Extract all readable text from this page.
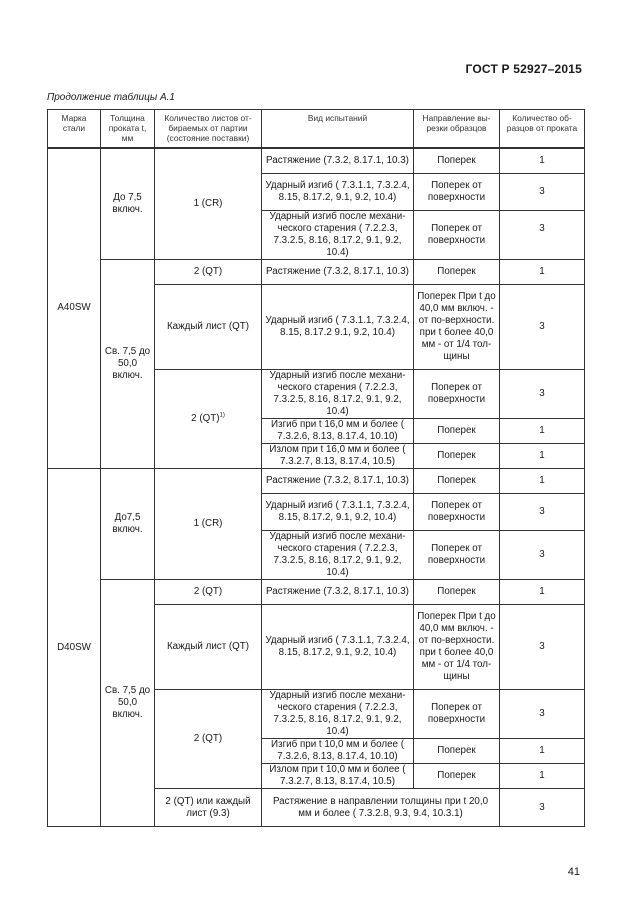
ГОСТ Р 52927–2015
Продолжение таблицы А.1
Марка стали	Толщина проката t, мм	Количество листов от-бираемых от партии (состояние поставки)	Вид испытаний	Направление вы-резки образцов	Количество об-разцов от проката
A40SW	До 7,5 включ.	1 (CR)	Растяжение (7.3.2, 8.17.1, 10.3)	Поперек	1
			Ударный изгиб ( 7.3.1.1, 7.3.2.4, 8.15, 8.17.2, 9.1, 9.2, 10.4)	Поперек от поверхности	3
			Ударный изгиб после механи-ческого старения ( 7.2.2.3, 7.3.2.5, 8.16, 8.17.2, 9.1, 9.2, 10.4)	Поперек от поверхности	3
	Св. 7,5 до 50,0 включ.	2 (QT)	Растяжение (7.3.2, 8.17.1, 10.3)	Поперек	1
		Каждый лист (QT)	Ударный изгиб ( 7.3.1.1, 7.3.2.4, 8.15, 8.17.2 9.1, 9.2, 10.4)	Поперек При t до 40,0 мм включ. - от по-верхности. при t более 40,0 мм - от 1/4 тол-щины	3
		2 (QT)$^{1)}$	Ударный изгиб после механи-ческого старения ( 7.2.2.3, 7.3.2.5, 8.16, 8.17.2, 9.1, 9.2, 10.4)	Поперек от поверхности	3
			Изгиб при t 16,0 мм и более ( 7.3.2.6, 8.13, 8.17.4, 10.10)	Поперек	1
			Излом при t 16,0 мм и более ( 7.3.2.7, 8.13, 8.17.4, 10.5)	Поперек	1
D40SW	До7,5 включ.	1 (CR)	Растяжение (7.3.2, 8.17.1, 10.3)	Поперек	1
			Ударный изгиб ( 7.3.1.1, 7.3.2.4, 8.15, 8.17.2, 9.1, 9.2, 10.4)	Поперек от поверхности	3
			Ударный изгиб после механи-ческого старения ( 7.2.2.3, 7.3.2.5, 8.16, 8.17.2, 9.1, 9.2, 10.4)	Поперек от поверхности	3
	Св. 7,5 до 50,0 включ.	2 (QT)	Растяжение (7.3.2, 8.17.1, 10.3)	Поперек	1
		Каждый лист (QT)	Ударный изгиб ( 7.3.1.1, 7.3.2.4, 8.15, 8.17.2, 9.1, 9.2, 10.4)	Поперек При t до 40,0 мм включ. - от по-верхности. при t более 40,0 мм - от 1/4 тол-щины	3
		2 (QT)	Ударный изгиб после механи-ческого старения ( 7.2.2.3, 7.3.2.5, 8.16, 8.17.2, 9.1, 9.2, 10.4)	Поперек от поверхности	3
			Изгиб при t 10,0 мм и более ( 7.3.2.6, 8.13, 8.17.4, 10.10)	Поперек	1
			Излом при t 10,0 мм и более ( 7.3.2.7, 8.13, 8.17.4, 10.5)	Поперек	1
		2 (QT) или каждый лист (9.3)	Растяжение в направлении толщины при t 20,0 мм и более ( 7.3.2.8, 9.3, 9.4, 10.3.1)		3
41
